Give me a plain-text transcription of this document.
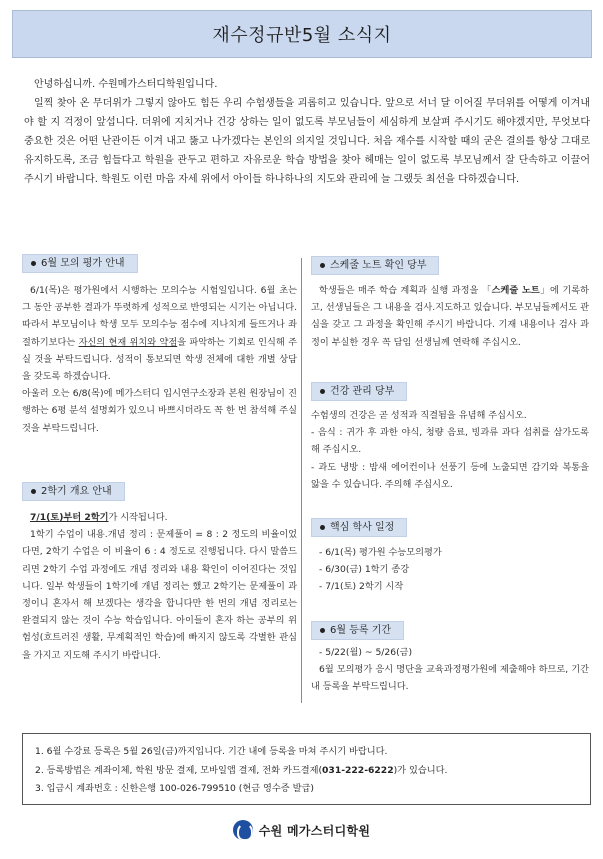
재수정규반5월 소식지

안녕하십니까. 수원메가스터디학원입니다.

일찍 찾아 온 무더위가 그렇지 않아도 힘든 우리 수험생들을 괴롭히고 있습니다. 앞으로 서너 달 이어질 무더위를 어떻게 이겨내야 할 지 걱정이 앞섭니다. 더위에 지치거나 건강 상하는 일이 없도록 부모님들이 세심하게 보살펴 주시기도 해야겠지만, 무엇보다 중요한 것은 어떤 난관이든 이겨 내고 뚫고 나가겠다는 본인의 의지일 것입니다. 처음 재수를 시작할 때의 굳은 결의를 항상 그대로 유지하도록, 조금 힘들다고 학원을 관두고 편하고 자유로운 학습 방법을 찾아 헤매는 일이 없도록 부모님께서 잘 단속하고 이끌어 주시기 바랍니다. 학원도 이런 마음 자세 위에서 아이들 하나하나의 지도와 관리에 늘 그랬듯 최선을 다하겠습니다.

6월 모의 평가 안내

6/1(목)은 평가원에서 시행하는 모의수능 시험일입니다. 6월 초는 그 동안 공부한 결과가 뚜렷하게 성적으로 반영되는 시기는 아닙니다. 따라서 부모님이나 학생 모두 모의수능 점수에 지나치게 들뜨거나 좌절하기보다는 자신의 현재 위치와 약점을 파악하는 기회로 인식해 주실 것을 부탁드립니다. 성적이 통보되면 학생 전체에 대한 개별 상담을 갖도록 하겠습니다.

아울러 오는 6/8(목)에 메가스터디 입시연구소장과 본원 원장님이 진행하는 6평 분석 설명회가 있으니 바쁘시더라도 꼭 한 번 참석해 주실 것을 부탁드립니다.

2학기 개요 안내

7/1(토)부터 2학기가 시작됩니다.

1학기 수업이 내용.개념 정리 : 문제풀이 = 8 : 2 정도의 비율이었다면, 2학기 수업은 이 비율이 6 : 4 정도로 진행됩니다. 다시 말씀드리면 2학기 수업 과정에도 개념 정리와 내용 확인이 이어진다는 것입니다. 일부 학생들이 1학기에 개념 정리는 했고 2학기는 문제풀이 과정이니 혼자서 해 보겠다는 생각을 합니다만 한 번의 개념 정리로는 완결되지 않는 것이 수능 학습입니다. 아이들이 혼자 하는 공부의 위험성(흐트러진 생활, 무계획적인 학습)에 빠지지 않도록 각별한 관심을 가지고 지도해 주시기 바랍니다.

스케줄 노트 확인 당부

학생들은 매주 학습 계획과 실행 과정을 「스케줄 노트」에 기록하고, 선생님들은 그 내용을 검사.지도하고 있습니다. 부모님들께서도 관심을 갖고 그 과정을 확인해 주시기 바랍니다. 기재 내용이나 검사 과정이 부실한 경우 꼭 담임 선생님께 연락해 주십시오.

건강 관리 당부

수험생의 건강은 곧 성적과 직결됨을 유념해 주십시오.

- 음식 : 귀가 후 과한 야식, 청량 음료, 빙과류 과다 섭취를 삼가도록 해 주십시오.

- 과도 냉방 : 밤새 에어컨이나 선풍기 등에 노출되면 감기와 복통을 앓을 수 있습니다. 주의해 주십시오.

핵심 학사 일정

- 6/1(목) 평가원 수능모의평가

- 6/30(금) 1학기 종강

- 7/1(토) 2학기 시작

6월 등록 기간

- 5/22(월) ~ 5/26(금)

6월 모의평가 응시 명단을 교육과정평가원에 제출해야 하므로, 기간 내 등록을 부탁드립니다.

1. 6월 수강료 등록은 5월 26일(금)까지입니다. 기간 내에 등록을 마쳐 주시기 바랍니다.

2. 등록방법은 계좌이체, 학원 방문 결제, 모바일앱 결제, 전화 카드결제(031-222-6222)가 있습니다.

3. 입금시 계좌번호 : 신한은행 100-026-799510 (현금 영수증 발급)

수원 메가스터디학원
